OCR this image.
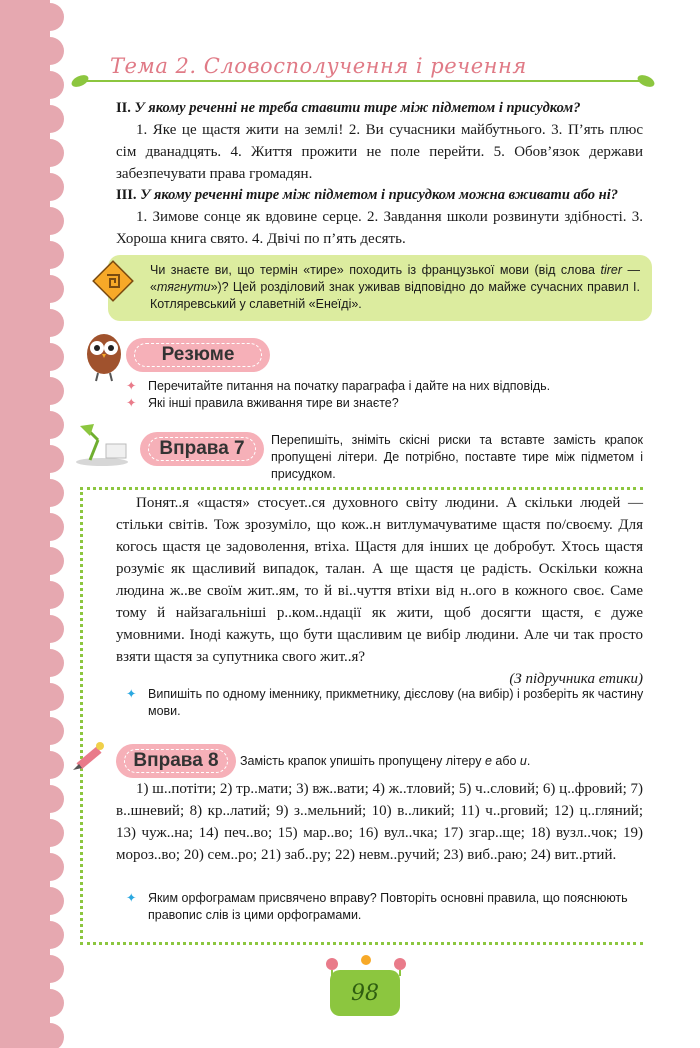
Тема 2. Словосполучення і речення
ІІ. У якому реченні не треба ставити тире між підметом і присудком?

1. Яке це щастя жити на землі! 2. Ви сучасники майбутнього. 3. П’ять плюс сім дванадцять. 4. Життя прожити не поле перейти. 5. Обов’язок держави забезпечувати права громадян.

ІІІ. У якому реченні тире між підметом і присудком можна вживати або ні?

1. Зимове сонце як вдовине серце. 2. Завдання школи розвинути здібності. 3. Хороша книга свято. 4. Двічі по п’ять десять.

Чи знаєте ви, що термін «тире» походить із французької мови (від слова tirer — «тягнути»)? Цей розділовий знак уживав відповідно до майже сучасних правил І. Котляревський у славетній «Енеїді».
Резюме
✦ Перечитайте питання на початку параграфа і дайте на них відповідь.
✦ Які інші правила вживання тире ви знаєте?
Вправа 7 Перепишіть, зніміть скісні риски та вставте замість крапок пропущені літери. Де потрібно, поставте тире між підметом і присудком.

Понят..я «щастя» стосует..ся духовного світу людини. А скільки людей — стільки світів. Тож зрозуміло, що кож..н витлумачуватиме щастя по/своєму. Для когось щастя це задоволення, втіха. Щастя для інших це добробут. Хтось щастя розуміє як щасливий випадок, талан. А ще щастя це радість. Оскільки кожна людина ж..ве своїм жит..ям, то й ві..чуття втіхи від н..ого в кожного своє. Саме тому й найзагальніші р..ком..ндації як жити, щоб досягти щастя, є дуже умовними. Іноді кажуть, що бути щасливим це вибір людини. Але чи так просто взяти щастя за супутника свого жит..я?

(З підручника етики)
✦ Випишіть по одному іменнику, прикметнику, дієслову (на вибір) і розберіть як частину мови.
Вправа 8 Замість крапок упишіть пропущену літеру е або и.

1) ш..потіти; 2) тр..мати; 3) вж..вати; 4) ж..тловий; 5) ч..словий; 6) ц..фровий; 7) в..шневий; 8) кр..латий; 9) з..мельний; 10) в..ликий; 11) ч..рговий; 12) ц..гляний; 13) чуж..на; 14) печ..во; 15) мар..во; 16) вул..чка; 17) згар..ще; 18) вузл..чок; 19) мороз..во; 20) сем..ро; 21) заб..ру; 22) невм..ручий; 23) виб..раю; 24) вит..ртий.

✦ Яким орфограмам присвячено вправу? Повторіть основні правила, що пояснюють правопис слів із цими орфограмами.
98
